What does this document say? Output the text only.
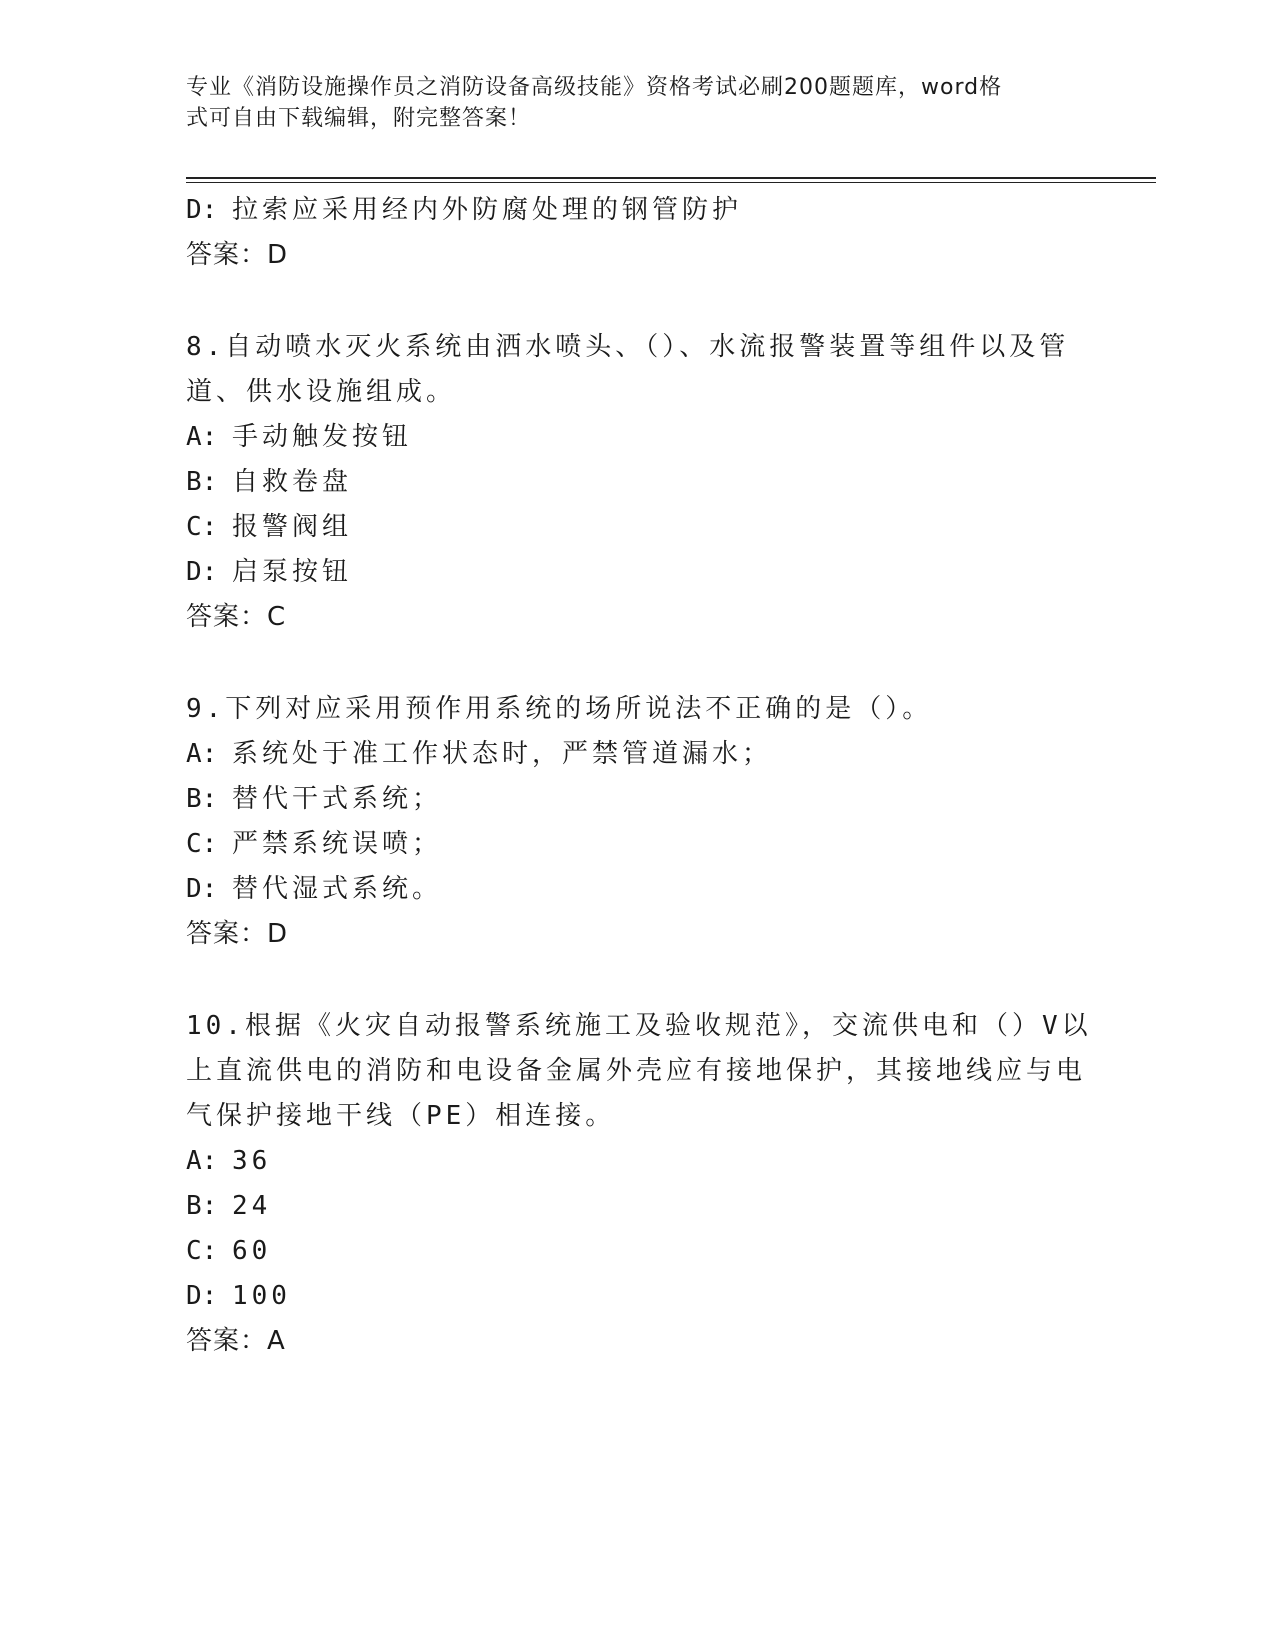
专业《消防设施操作员之消防设备高级技能》资格考试必刷200题题库，word格
式可自由下载编辑，附完整答案！
D: 拉索应采用经内外防腐处理的钢管防护
答案：D
8.自动喷水灭火系统由洒水喷头、（）、水流报警装置等组件以及管
道、供水设施组成。
A: 手动触发按钮
B: 自救卷盘
C: 报警阀组
D: 启泵按钮
答案：C
9.下列对应采用预作用系统的场所说法不正确的是（）。
A: 系统处于准工作状态时，严禁管道漏水；
B: 替代干式系统；
C: 严禁系统误喷；
D: 替代湿式系统。
答案：D
10.根据《火灾自动报警系统施工及验收规范》，交流供电和（）V以
上直流供电的消防和电设备金属外壳应有接地保护，其接地线应与电
气保护接地干线（PE）相连接。
A: 36
B: 24
C: 60
D: 100
答案：A
